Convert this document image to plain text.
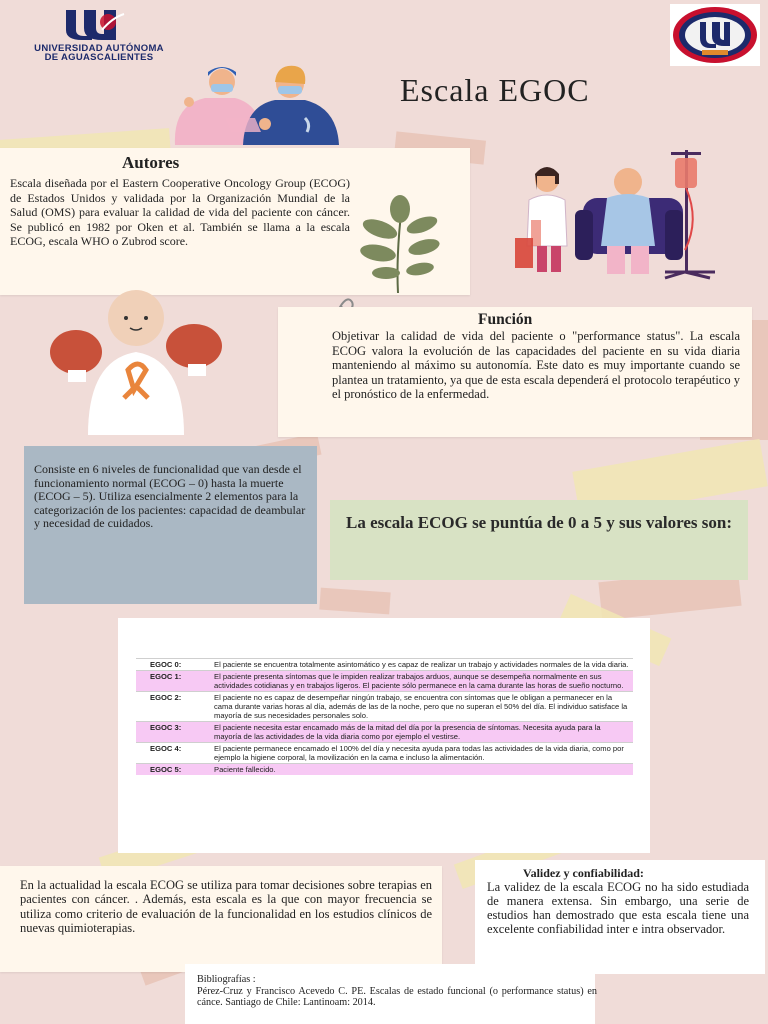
UNIVERSIDAD AUTÓNOMA
DE AGUASCALIENTES
Escala EGOC
Autores

Escala diseñada por el Eastern Cooperative Oncology Group (ECOG) de Estados Unidos y validada por la Organización Mundial de la Salud (OMS) para evaluar la calidad de vida del paciente con cáncer. Se publicó en 1982 por Oken et al. También se llama a la escala ECOG, escala WHO o Zubrod score.

Función

Objetivar la calidad de vida del paciente o "performance status". La escala ECOG valora la evolución de las capacidades del paciente en su vida diaria manteniendo al máximo su autonomía. Este dato es muy importante cuando se plantea un tratamiento, ya que de esta escala dependerá el protocolo terapéutico y el pronóstico de la enfermedad.

Consiste en 6 niveles de funcionalidad que van desde el funcionamiento normal (ECOG – 0) hasta la muerte (ECOG – 5). Utiliza esencialmente 2 elementos para la categorización de los pacientes: capacidad de deambular y necesidad de cuidados.	La escala ECOG se puntúa de 0 a 5 y sus valores son:

EGOC 0:	El paciente se encuentra totalmente asintomático y es capaz de realizar un trabajo y actividades normales de la vida diaria.
EGOC 1:	El paciente presenta síntomas que le impiden realizar trabajos arduos, aunque se desempeña normalmente en sus actividades cotidianas y en trabajos ligeros. El paciente sólo permanece en la cama durante las horas de sueño nocturno.
EGOC 2:	El paciente no es capaz de desempeñar ningún trabajo, se encuentra con síntomas que le obligan a permanecer en la cama durante varias horas al día, además de las de la noche, pero que no superan el 50% del día. El individuo satisface la mayoría de sus necesidades personales solo.
EGOC 3:	El paciente necesita estar encamado más de la mitad del día por la presencia de síntomas. Necesita ayuda para la mayoría de las actividades de la vida diaria como por ejemplo el vestirse.
EGOC 4:	El paciente permanece encamado el 100% del día y necesita ayuda para todas las actividades de la vida diaria, como por ejemplo la higiene corporal, la movilización en la cama e incluso la alimentación.
EGOC 5:	Paciente fallecido.

En la actualidad la escala ECOG se utiliza para tomar decisiones sobre terapias en pacientes con cáncer. . Además, esta escala es la que con mayor frecuencia se utiliza como criterio de evaluación de la funcionalidad en los estudios clínicos de nuevas quimioterapias.

Validez y confiabilidad:

La validez de la escala ECOG no ha sido estudiada de manera extensa. Sin embargo, una serie de estudios han demostrado que esta escala tiene una excelente confiabilidad inter e intra observador.

Bibliografías :
Pérez-Cruz y Francisco Acevedo C. PE. Escalas de estado funcional (o performance status) en cánce. Santiago de Chile: Lantinoam: 2014.
